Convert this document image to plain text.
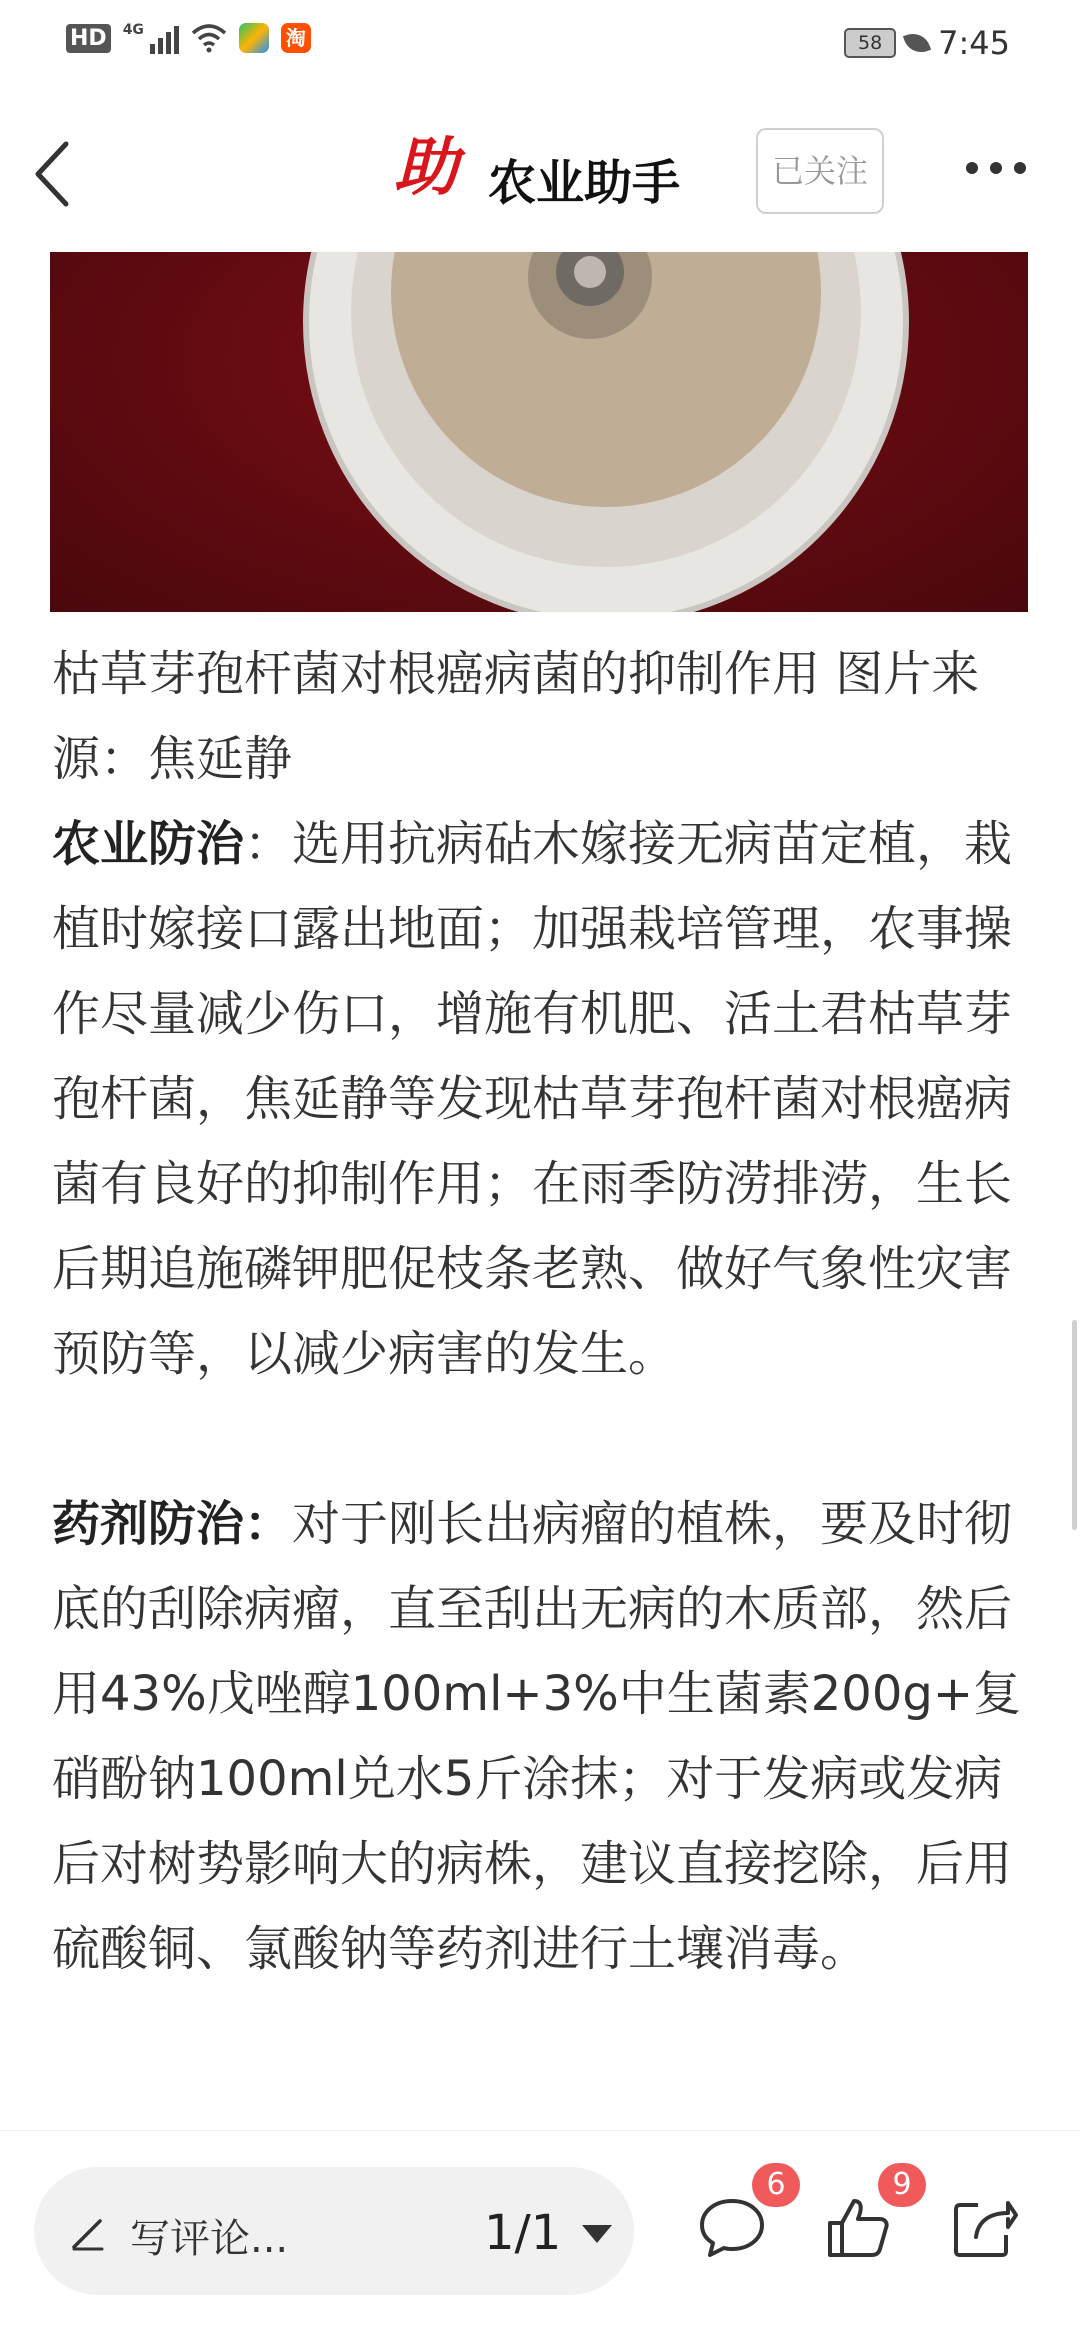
HD 4G	淘	58	7:45
助 农业助手	已关注

枯草芽孢杆菌对根癌病菌的抑制作用 图片来源：焦延静

农业防治：选用抗病砧木嫁接无病苗定植，栽植时嫁接口露出地面；加强栽培管理，农事操作尽量减少伤口，增施有机肥、活土君枯草芽孢杆菌，焦延静等发现枯草芽孢杆菌对根癌病菌有良好的抑制作用；在雨季防涝排涝，生长后期追施磷钾肥促枝条老熟、做好气象性灾害预防等，以减少病害的发生。

药剂防治：对于刚长出病瘤的植株，要及时彻底的刮除病瘤，直至刮出无病的木质部，然后用43%戊唑醇100ml+3%中生菌素200g+复硝酚钠100ml兑水5斤涂抹；对于发病或发病后对树势影响大的病株，建议直接挖除，后用硫酸铜、氯酸钠等药剂进行土壤消毒。

写评论...	1/1
6	9
